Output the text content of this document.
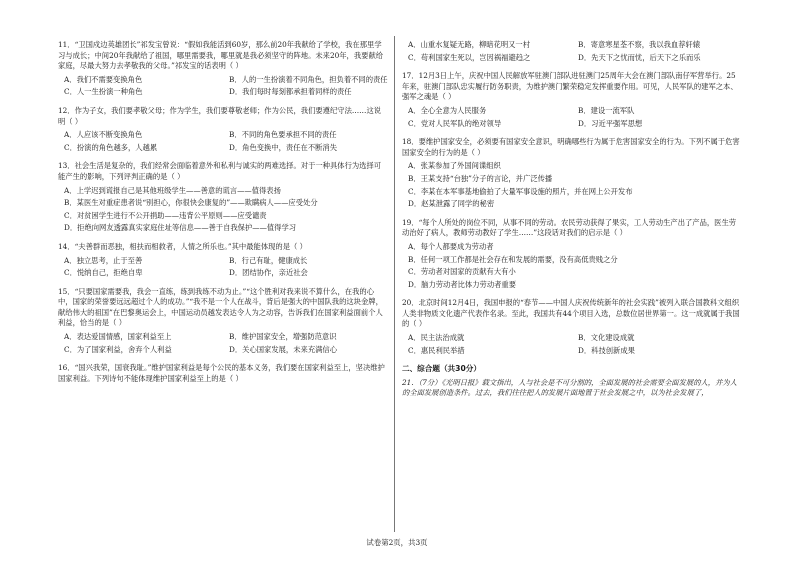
11．“卫国戍边英雄团长”祁发宝曾说：“假如我能活到60岁，那么前20年我献给了学校，我在那里学习与成长；中间20年我献给了祖国，哪里需要我，哪里就是我必须坚守的阵地。未来20年，我要献给家庭，尽最大努力去孝敬我的父母。”祁发宝的话表明（ ）
A．我们不需要变换角色	B．人的一生扮演着不同角色，担负着不同的责任
C．人一生扮演一种角色	D．我们每时每刻都承担着同样的责任
12．作为子女，我们要孝敬父母；作为学生，我们要尊敬老师；作为公民，我们要遵纪守法……这说明（ ）
A．人应该不断变换角色	B．不同的角色要承担不同的责任
C．扮演的角色越多，人越累	D．角色变换中，责任在不断消失
13．社会生活是复杂的，我们经常会面临着意外和私利与诚实的两难选择。对于一种具体行为选择可能产生的影响，下列评判正确的是（ ）
A．上学迟到谎报自己是其他班级学生——善意的谎言——值得表扬
B．某医生对重症患者说“别担心，你很快会康复的”——欺瞒病人——应受处分
C．对贫困学生进行不公开捐助——违背公平原则——应受谴责
D．拒绝向网友透露真实家庭住址等信息——善于自我保护——值得学习
14．“夫善群而恶独，相扶而相救者，人情之所乐也。”其中最能体现的是（ ）
A．独立思考，止于至善	B．行己有耻，健康成长
C．悦纳自己，拒绝自卑	D．团结协作，亲近社会
15．“只要国家需要我，我会一直练，练到我练不动为止。”“这个胜利对我来说不算什么，在我的心中，国家的荣誉要远远超过个人的成功。”“我不是一个人在战斗，背后是强大的中国队我的这块金牌，献给伟大的祖国”在巴黎奥运会上，中国运动员越发表达令人为之动容，告诉我们在国家利益面前个人利益，恰当的是（ ）
A．表达爱国情感，国家利益至上	B．维护国家安全，增强防范意识
C．为了国家利益，舍弃个人利益	D．关心国家发展，未来充满信心
16．“国兴我荣，国衰我耻。”维护国家利益是每个公民的基本义务，我们要在国家利益至上，坚决维护国家利益。下列诗句不能体现维护国家利益至上的是（ ）
A．山重水复疑无路，柳暗花明又一村	B．寄意寒星荃不察，我以我血荐轩辕
C．苟利国家生死以，岂因祸福避趋之	D．先天下之忧而忧，后天下之乐而乐
17．12月3日上午，庆祝中国人民解放军驻澳门部队进驻澳门25周年大会在澳门部队南仔军营举行。25年来，驻澳门部队忠实履行防务职责，为维护澳门繁荣稳定发挥重要作用。可见，人民军队的建军之本、强军之魂是（ ）
A．全心全意为人民服务	B．建设一流军队
C．党对人民军队的绝对领导	D．习近平强军思想
18．要维护国家安全，必须要有国家安全意识，明确哪些行为属于危害国家安全的行为。下列不属于危害国家安全的行为的是（ ）
A．张某参加了外国间谍组织
B．王某支持“台独”分子的言论，并广泛传播
C．李某在本军事基地偷拍了大量军事设施的照片，并在网上公开发布
D．赵某泄露了同学的秘密
19．“每个人所处的岗位不同，从事不同的劳动。农民劳动获得了果实，工人劳动生产出了产品，医生劳动治好了病人，教师劳动教好了学生……”这段话对我们的启示是（ ）
A．每个人都要成为劳动者
B．任何一项工作都是社会存在和发展的需要，没有高低贵贱之分
C．劳动者对国家的贡献有大有小
D．脑力劳动者比体力劳动者重要
20．北京时间12月4日，我国申报的“春节——中国人庆祝传统新年的社会实践”被列入联合国教科文组织人类非物质文化遗产代表作名录。至此，我国共有44个项目入选，总数位居世界第一。这一成就属于我国的（ ）
A．民主法治成就	B．文化建设成就
C．惠民利民举措	D．科技创新成果
二、综合题（共30分）
21．（7分）《光明日报》载文指出，人与社会是不可分割的，全面发展的社会需要全面发展的人，并为人的全面发展创造条件。过去，我们往往把人的发展片面地置于社会发展之中，以为社会发展了，
试卷第2页，共3页
